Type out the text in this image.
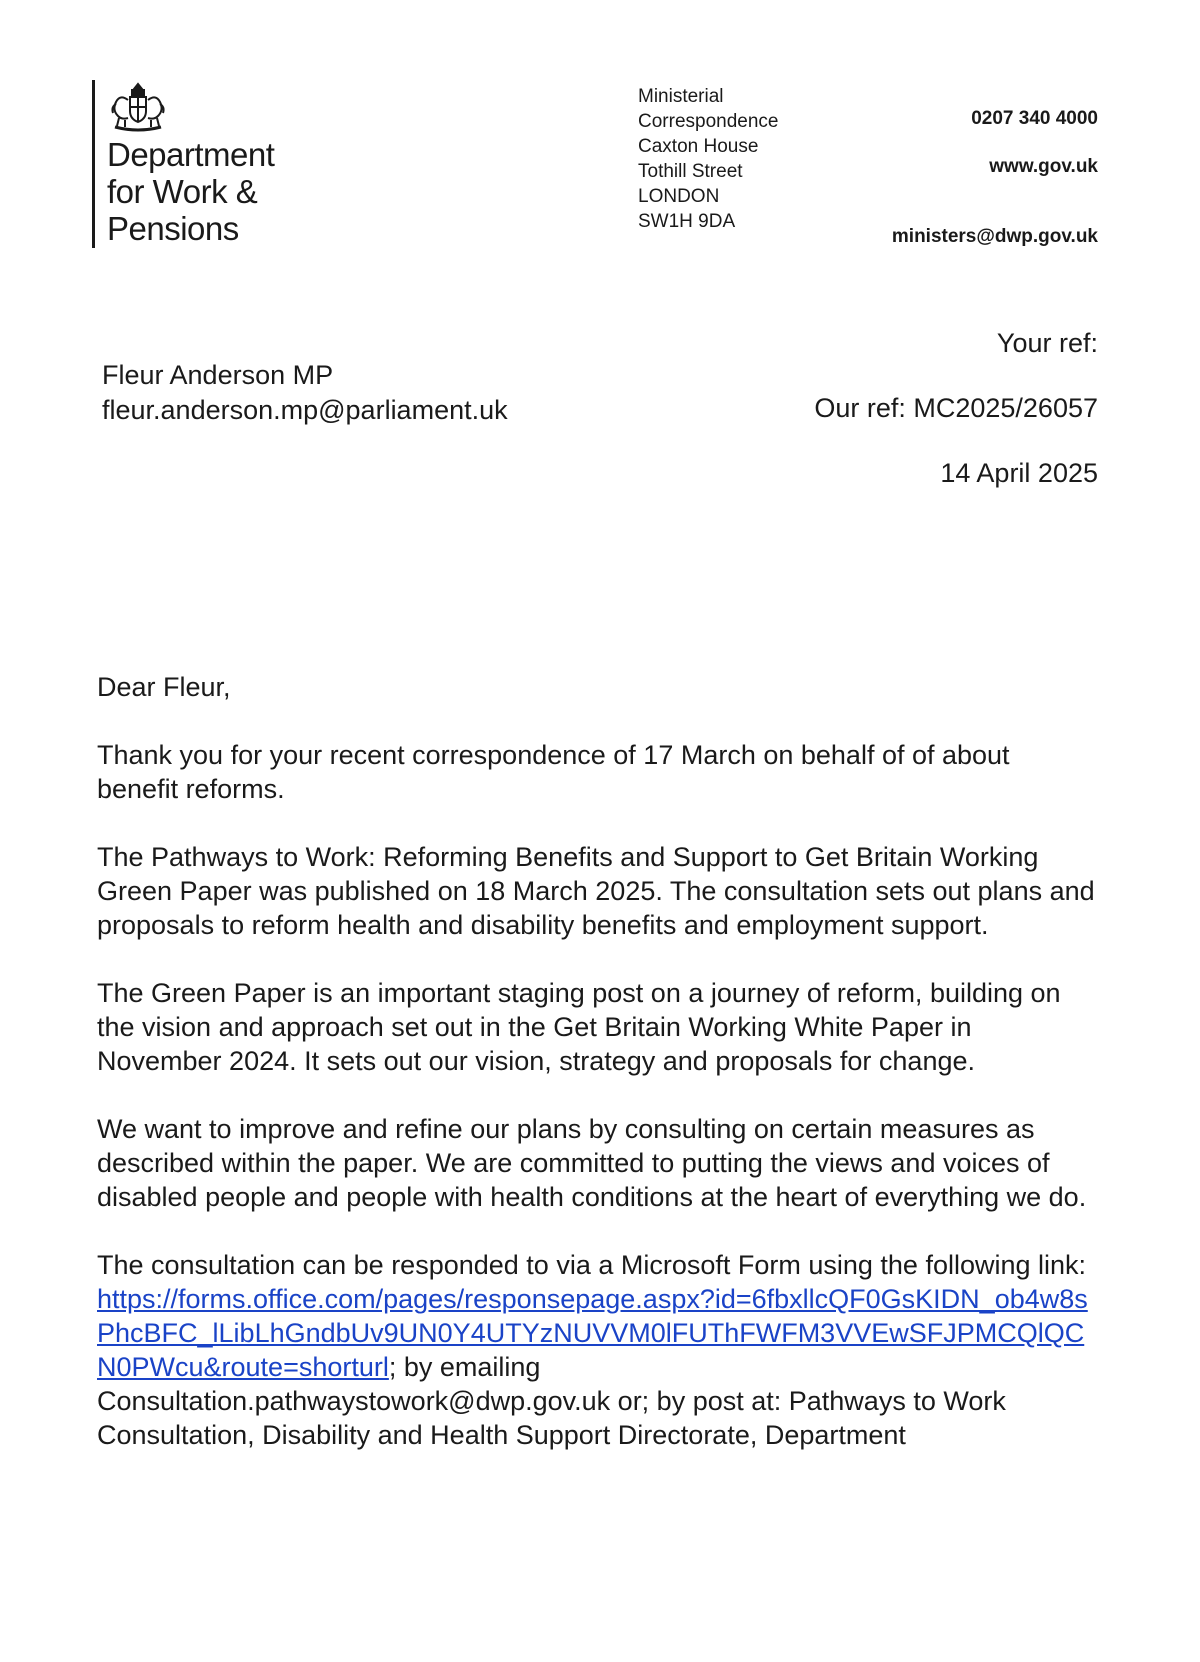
Department
for Work &
Pensions
Ministerial
Correspondence
Caxton House
Tothill Street
LONDON
SW1H 9DA
0207 340 4000
www.gov.uk
ministers@dwp.gov.uk
Fleur Anderson MP
fleur.anderson.mp@parliament.uk
Your ref:
Our ref: MC2025/26057
14 April 2025

Dear Fleur,

Thank you for your recent correspondence of 17 March on behalf of of about benefit reforms.

The Pathways to Work: Reforming Benefits and Support to Get Britain Working Green Paper was published on 18 March 2025. The consultation sets out plans and proposals to reform health and disability benefits and employment support.

The Green Paper is an important staging post on a journey of reform, building on the vision and approach set out in the Get Britain Working White Paper in November 2024. It sets out our vision, strategy and proposals for change.

We want to improve and refine our plans by consulting on certain measures as described within the paper. We are committed to putting the views and voices of disabled people and people with health conditions at the heart of everything we do.

The consultation can be responded to via a Microsoft Form using the following link:
https://forms.office.com/pages/responsepage.aspx?id=6fbxllcQF0GsKIDN_ob4w8sPhcBFC_lLibLhGndbUv9UN0Y4UTYzNUVVM0lFUThFWFM3VVEwSFJPMCQlQCN0PWcu&route=shorturl; by emailing
Consultation.pathwaystowork@dwp.gov.uk or; by post at: Pathways to Work Consultation, Disability and Health Support Directorate, Department
